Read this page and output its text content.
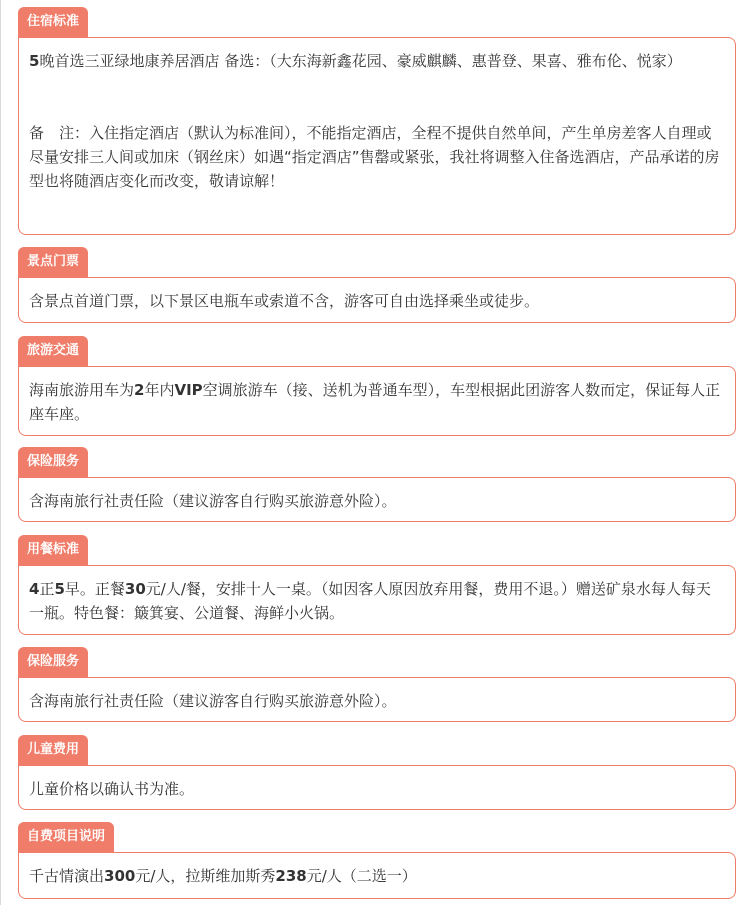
住宿标准

5晚首选三亚绿地康养居酒店 备选：（大东海新鑫花园、豪威麒麟、惠普登、果喜、雅布伦、悦家）

备　注：入住指定酒店（默认为标准间），不能指定酒店，全程不提供自然单间，产生单房差客人自理或尽量安排三人间或加床（钢丝床）如遇“指定酒店”售罄或紧张，我社将调整入住备选酒店，产品承诺的房型也将随酒店变化而改变，敬请谅解！

景点门票

含景点首道门票，以下景区电瓶车或索道不含，游客可自由选择乘坐或徒步。

旅游交通

海南旅游用车为2年内VIP空调旅游车（接、送机为普通车型），车型根据此团游客人数而定，保证每人正座车座。

保险服务

含海南旅行社责任险（建议游客自行购买旅游意外险）。

用餐标准

4正5早。正餐30元/人/餐，安排十人一桌。（如因客人原因放弃用餐，费用不退。）赠送矿泉水每人每天一瓶。特色餐：簸箕宴、公道餐、海鲜小火锅。

保险服务

含海南旅行社责任险（建议游客自行购买旅游意外险）。

儿童费用

儿童价格以确认书为准。

自费项目说明

千古情演出300元/人，拉斯维加斯秀238元/人（二选一）
